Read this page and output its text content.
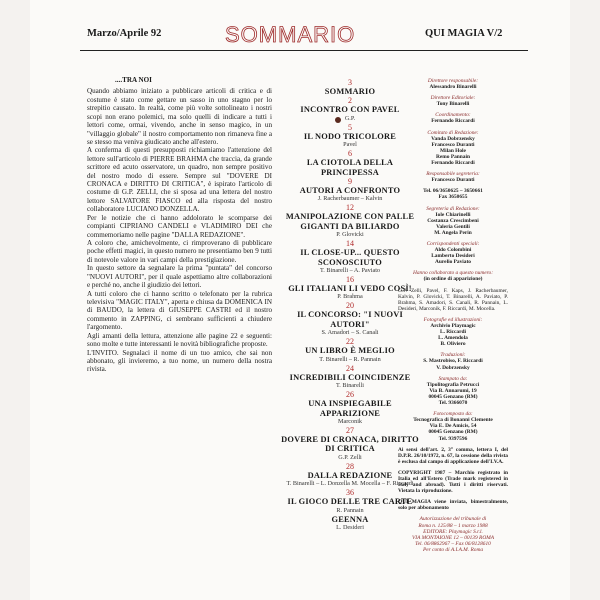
Marzo/Aprile 92	SOMMARIO	QUI MAGIA V/2
....TRA NOI

Quando abbiamo iniziato a pubblicare articoli di critica e di costume è stato come gettare un sasso in uno stagno per lo strepitio causato. In realtà, come più volte sottolineato i nostri scopi non erano polemici, ma solo quelli di indicare a tutti i lettori come, ormai, vivendo, anche in senso magico, in un "villaggio globale" il nostro comportamento non rimaneva fine a se stesso ma veniva giudicato anche all'estero.

A conferma di questi presupposti richiamiamo l'attenzione del lettore sull'articolo di PIERRE BRAHMA che traccia, da grande scrittore ed acuto osservatore, un quadro, non sempre positivo del nostro modo di essere. Sempre sul "DOVERE DI CRONACA e DIRITTO DI CRITICA", è ispirato l'articolo di costume di G.P. ZELLI, che si sposa ad una lettera del nostro lettore SALVATORE FIASCO ed alla risposta del nostro collaboratore LUCIANO DONZELLA.

Per le notizie che ci hanno addolorato le scomparse dei compianti CIPRIANO CANDELI e VLADIMIRO DEI che commemoriamo nelle pagine "DALLA REDAZIONE".

A coloro che, amichevolmente, ci rimproverano di pubblicare poche effetti magici, in questo numero ne presentiamo ben 9 tutti di notevole valore in vari campi della prestigiazione.

In questo settore da segnalare la prima "puntata" del concorso "NUOVI AUTORI", per il quale aspettiamo altre collaborazioni e perché no, anche il giudizio dei lettori.

A tutti coloro che ci hanno scritto o telefonato per la rubrica televisiva "MAGIC ITALY", aperta e chiusa da DOMENICA IN di BAUDO, la lettera di GIUSEPPE CASTRI ed il nostro commento in ZAPPING, ci sembrano sufficienti a chiudere l'argomento.

Agli amanti della lettura, attenzione alle pagine 22 e seguenti: sono molte e tutte interessanti le novità bibliografiche proposte.

L'INVITO. Segnalaci il nome di un tuo amico, che sai non abbonato, gli invieremo, a tuo nome, un numero della nostra rivista.

3
SOMMARIO
2
INCONTRO CON PAVEL
G.P.
5
IL NODO TRICOLORE
Pavel
6
LA CIOTOLA DELLA PRINCIPESSA
9
AUTORI A CONFRONTO
J. Racherbaumer – Kalvin
12
MANIPOLAZIONE CON PALLE GIGANTI DA BILIARDO
P. Glovicki
14
IL CLOSE-UP... QUESTO SCONOSCIUTO
T. Binarelli – A. Paviato
16
GLI ITALIANI LI VEDO COSÌ!
P. Brahma
20
IL CONCORSO: "I NUOVI AUTORI"
S. Amadori – S. Canali
22
UN LIBRO È MEGLIO
T. Binarelli – R. Pannain
24
INCREDIBILI COINCIDENZE
T. Binarelli
26
UNA INSPIEGABILE APPARIZIONE
Marconik
27
DOVERE DI CRONACA, DIRITTO DI CRITICA
G.P. Zelli
28
DALLA REDAZIONE
T. Binarelli – L. Donzella M. Mocella – F. Riccardi
36
IL GIOCO DELLE TRE CARTE
R. Pannain
GEENNA
L. Desideri
Direttore responsabile:
Alessandro Binarelli
Direttore Editoriale:
Tony Binarelli
Coordinamento:
Fernando Riccardi
Comitato di Redazione:
Vanda Dobrzensky
Francesco Duranti
Milan Hole
Remo Pannain
Fernando Riccardi
Responsabile segreteria:
Francesco Duranti
Tel. 06/3650625 – 3650661
Fax 3650655
Segreteria di Redazione:
Iole Chiarinelli
Costanza Crescimbeni
Valeria Gentili
M. Angela Perin
Corrispondenti speciali:
Aldo Colombini
Lamberto Desideri
Aurelio Paviato
Hanno collaborato a questo numero:
(in ordine di apparizione)
G.P. Zelli, Pavel, F. Kaps, J. Racherbaumer, Kalvin, P. Glovicki, T. Binarelli, A. Paviato, P. Brahma, S. Amadori, S. Canali, R. Pannain, L. Desideri, Marconik, F. Riccardi, M. Mocella.
Fotografie ed illustrazioni:
Archivio Playmagic
L. Riccardi
L. Amendola
B. Oliviero
Traduzioni:
S. Mastrobiso, F. Riccardi
V. Dobrzensky
Stampato da:
Tipolitografia Petrucci
Via B. Annarumi, 19
00045 Genzano (RM)
Tel. 9366070
Fotocomposto da:
Tecnografica di Bonanni Clemente
Via E. De Amicis, 54
00045 Genzano (RM)
Tel. 9397596
Ai sensi dell'art. 2, 3° comma, lettera I, del D.P.R. 26/10/1972, n. 67, la cessione della rivista è esclusa dal campo di applicazione dell'I.V.A.
COPYRIGHT 1987 – Marchio registrato in Italia ed all'Estero (Trade mark registered in Italy and abroad). Tutti i diritti riservati. Vietata la riproduzione.
QUI MAGIA viene inviata, bimestralmente, solo per abbonamento
Autorizzazione del tribunale di
Roma n. 125/88 – 1 marzo 1988
EDITORE: Playmagic S.r.l.
VIA MONTAIONE 12 – 00139 ROMA
Tel. 06/8862967 – Fax 06/8128610
Per conto di A.I.A.M. Roma
